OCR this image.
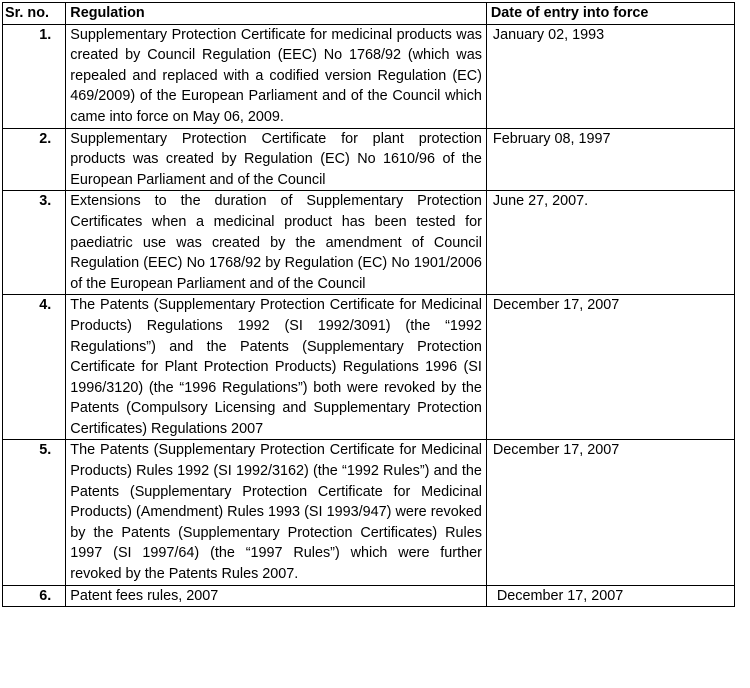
Sr. no.	Regulation	Date of entry into force
1.	Supplementary Protection Certificate for medicinal products was created by Council Regulation (EEC) No 1768/92 (which was repealed and replaced with a codified version Regulation (EC) 469/2009) of the European Parliament and of the Council which came into force on May 06, 2009.	January 02, 1993
2.	Supplementary Protection Certificate for plant protection products was created by Regulation (EC) No 1610/96 of the European Parliament and of the Council	February 08, 1997
3.	Extensions to the duration of Supplementary Protection Certificates when a medicinal product has been tested for paediatric use was created by the amendment of Council Regulation (EEC) No 1768/92 by Regulation (EC) No 1901/2006 of the European Parliament and of the Council	June 27, 2007.
4.	The Patents (Supplementary Protection Certificate for Medicinal Products) Regulations 1992 (SI 1992/3091) (the “1992 Regulations”) and the Patents (Supplementary Protection Certificate for Plant Protection Products) Regulations 1996 (SI 1996/3120) (the “1996 Regulations”) both were revoked by the Patents (Compulsory Licensing and Supplementary Protection Certificates) Regulations 2007	December 17, 2007
5.	The Patents (Supplementary Protection Certificate for Medicinal Products) Rules 1992 (SI 1992/3162) (the “1992 Rules”) and the Patents (Supplementary Protection Certificate for Medicinal Products) (Amendment) Rules 1993 (SI 1993/947) were revoked by the Patents (Supplementary Protection Certificates) Rules 1997 (SI 1997/64) (the “1997 Rules”) which were further revoked by the Patents Rules 2007.	December 17, 2007
6.	Patent fees rules, 2007	December 17, 2007
